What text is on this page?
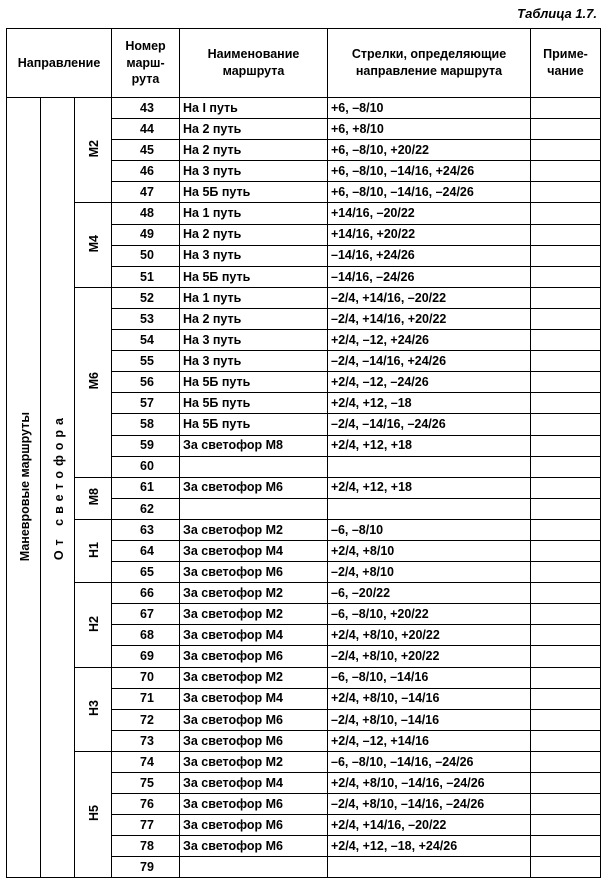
Таблица 1.7.
Направление			Номер марш- рута	Наименование маршрута	Стрелки, определяющие направление маршрута	Приме- чание
Маневровые маршруты	От светофора	М2	43	На I путь	+6, –8/10	
			44	На 2 путь	+6, +8/10	
			45	На 2 путь	+6, –8/10, +20/22	
			46	На 3 путь	+6, –8/10, –14/16, +24/26	
			47	На 5Б путь	+6, –8/10, –14/16, –24/26	
		М4	48	На 1 путь	+14/16, –20/22	
			49	На 2 путь	+14/16, +20/22	
			50	На 3 путь	–14/16, +24/26	
			51	На 5Б путь	–14/16, –24/26	
		М6	52	На 1 путь	–2/4, +14/16, –20/22	
			53	На 2 путь	–2/4, +14/16, +20/22	
			54	На 3 путь	+2/4, –12, +24/26	
			55	На 3 путь	–2/4, –14/16, +24/26	
			56	На 5Б путь	+2/4, –12, –24/26	
			57	На 5Б путь	+2/4, +12, –18	
			58	На 5Б путь	–2/4, –14/16, –24/26	
			59	За светофор М8	+2/4, +12, +18	
			60			
		М8	61	За светофор М6	+2/4, +12, +18	
			62			
		Н1	63	За светофор М2	–6, –8/10	
			64	За светофор М4	+2/4, +8/10	
			65	За светофор М6	–2/4, +8/10	
		Н2	66	За светофор М2	–6, –20/22	
			67	За светофор М2	–6, –8/10, +20/22	
			68	За светофор М4	+2/4, +8/10, +20/22	
			69	За светофор М6	–2/4, +8/10, +20/22	
		Н3	70	За светофор М2	–6, –8/10, –14/16	
			71	За светофор М4	+2/4, +8/10, –14/16	
			72	За светофор М6	–2/4, +8/10, –14/16	
			73	За светофор М6	+2/4, –12, +14/16	
		Н5	74	За светофор М2	–6, –8/10, –14/16, –24/26	
			75	За светофор М4	+2/4, +8/10, –14/16, –24/26	
			76	За светофор М6	–2/4, +8/10, –14/16, –24/26	
			77	За светофор М6	+2/4, +14/16, –20/22	
			78	За светофор М6	+2/4, +12, –18, +24/26	
			79			
